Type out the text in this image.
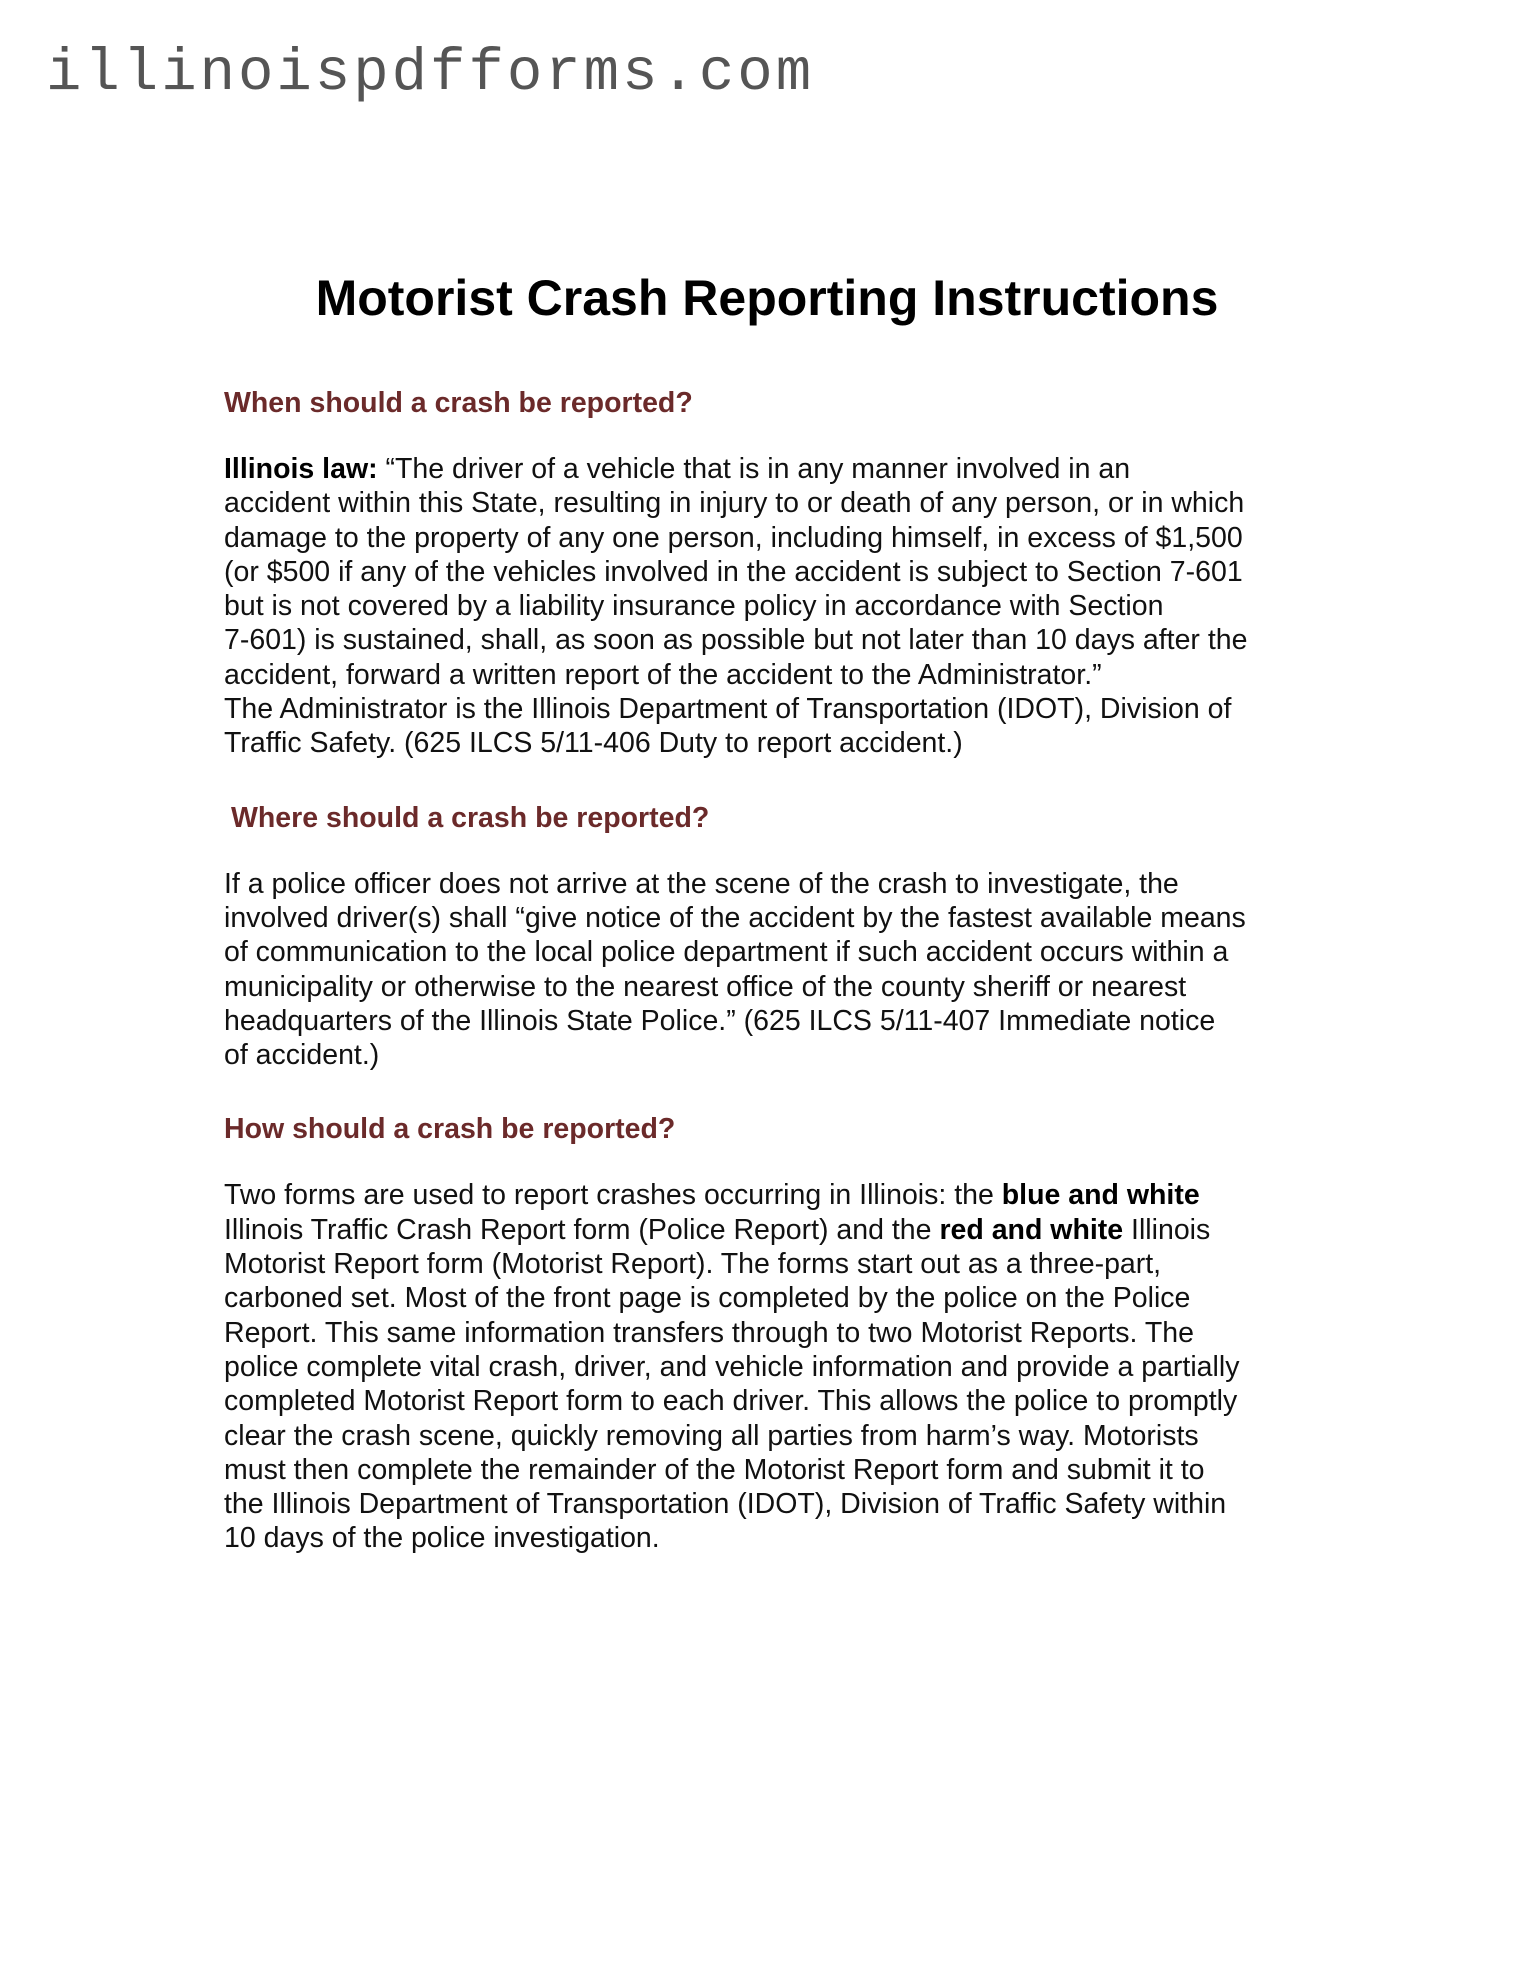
illinoispdfforms.com
Motorist Crash Reporting Instructions
When should a crash be reported?

Illinois law: “The driver of a vehicle that is in any manner involved in an
accident within this State, resulting in injury to or death of any person, or in which
damage to the property of any one person, including himself, in excess of $1,500
(or $500 if any of the vehicles involved in the accident is subject to Section 7-601
but is not covered by a liability insurance policy in accordance with Section
7-601) is sustained, shall, as soon as possible but not later than 10 days after the
accident, forward a written report of the accident to the Administrator.”
The Administrator is the Illinois Department of Transportation (IDOT), Division of
Traffic Safety. (625 ILCS 5/11-406 Duty to report accident.)

Where should a crash be reported?

If a police officer does not arrive at the scene of the crash to investigate, the
involved driver(s) shall “give notice of the accident by the fastest available means
of communication to the local police department if such accident occurs within a
municipality or otherwise to the nearest office of the county sheriff or nearest
headquarters of the Illinois State Police.” (625 ILCS 5/11-407 Immediate notice
of accident.)

How should a crash be reported?

Two forms are used to report crashes occurring in Illinois: the blue and white
Illinois Traffic Crash Report form (Police Report) and the red and white Illinois
Motorist Report form (Motorist Report). The forms start out as a three-part,
carboned set. Most of the front page is completed by the police on the Police
Report. This same information transfers through to two Motorist Reports. The
police complete vital crash, driver, and vehicle information and provide a partially
completed Motorist Report form to each driver. This allows the police to promptly
clear the crash scene, quickly removing all parties from harm’s way. Motorists
must then complete the remainder of the Motorist Report form and submit it to
the Illinois Department of Transportation (IDOT), Division of Traffic Safety within
10 days of the police investigation.
